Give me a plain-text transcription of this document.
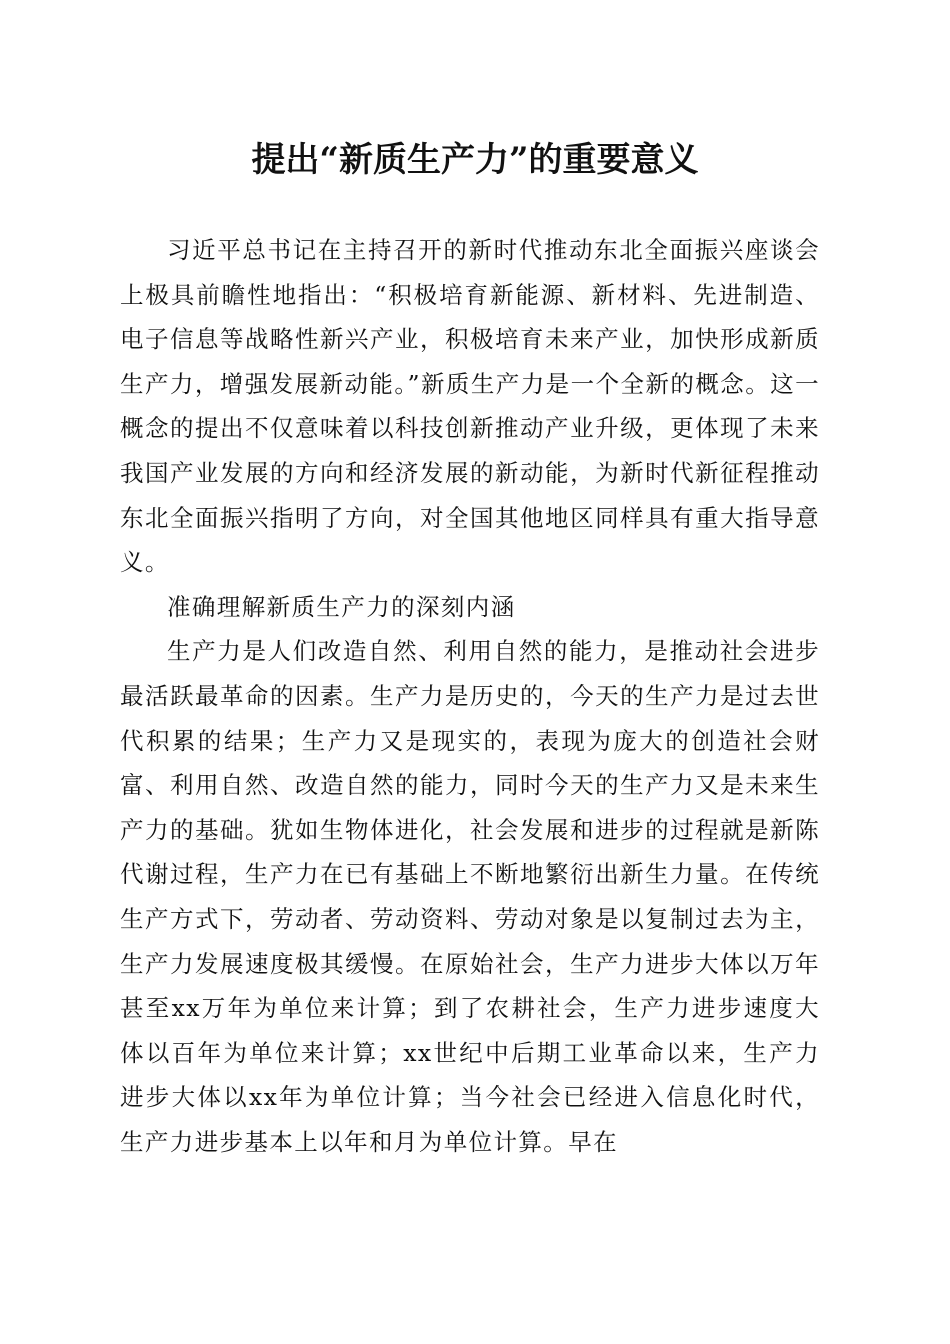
提出“新质生产力”的重要意义

习近平总书记在主持召开的新时代推动东北全面振兴座谈会上极具前瞻性地指出：“积极培育新能源、新材料、先进制造、电子信息等战略性新兴产业，积极培育未来产业，加快形成新质生产力，增强发展新动能。”新质生产力是一个全新的概念。这一概念的提出不仅意味着以科技创新推动产业升级，更体现了未来我国产业发展的方向和经济发展的新动能，为新时代新征程推动东北全面振兴指明了方向，对全国其他地区同样具有重大指导意义。

准确理解新质生产力的深刻内涵

生产力是人们改造自然、利用自然的能力，是推动社会进步最活跃最革命的因素。生产力是历史的，今天的生产力是过去世代积累的结果；生产力又是现实的，表现为庞大的创造社会财富、利用自然、改造自然的能力，同时今天的生产力又是未来生产力的基础。犹如生物体进化，社会发展和进步的过程就是新陈代谢过程，生产力在已有基础上不断地繁衍出新生力量。在传统生产方式下，劳动者、劳动资料、劳动对象是以复制过去为主，生产力发展速度极其缓慢。在原始社会，生产力进步大体以万年甚至xx万年为单位来计算；到了农耕社会，生产力进步速度大体以百年为单位来计算；xx世纪中后期工业革命以来，生产力进步大体以xx年为单位计算；当今社会已经进入信息化时代，生产力进步基本上以年和月为单位计算。早在
